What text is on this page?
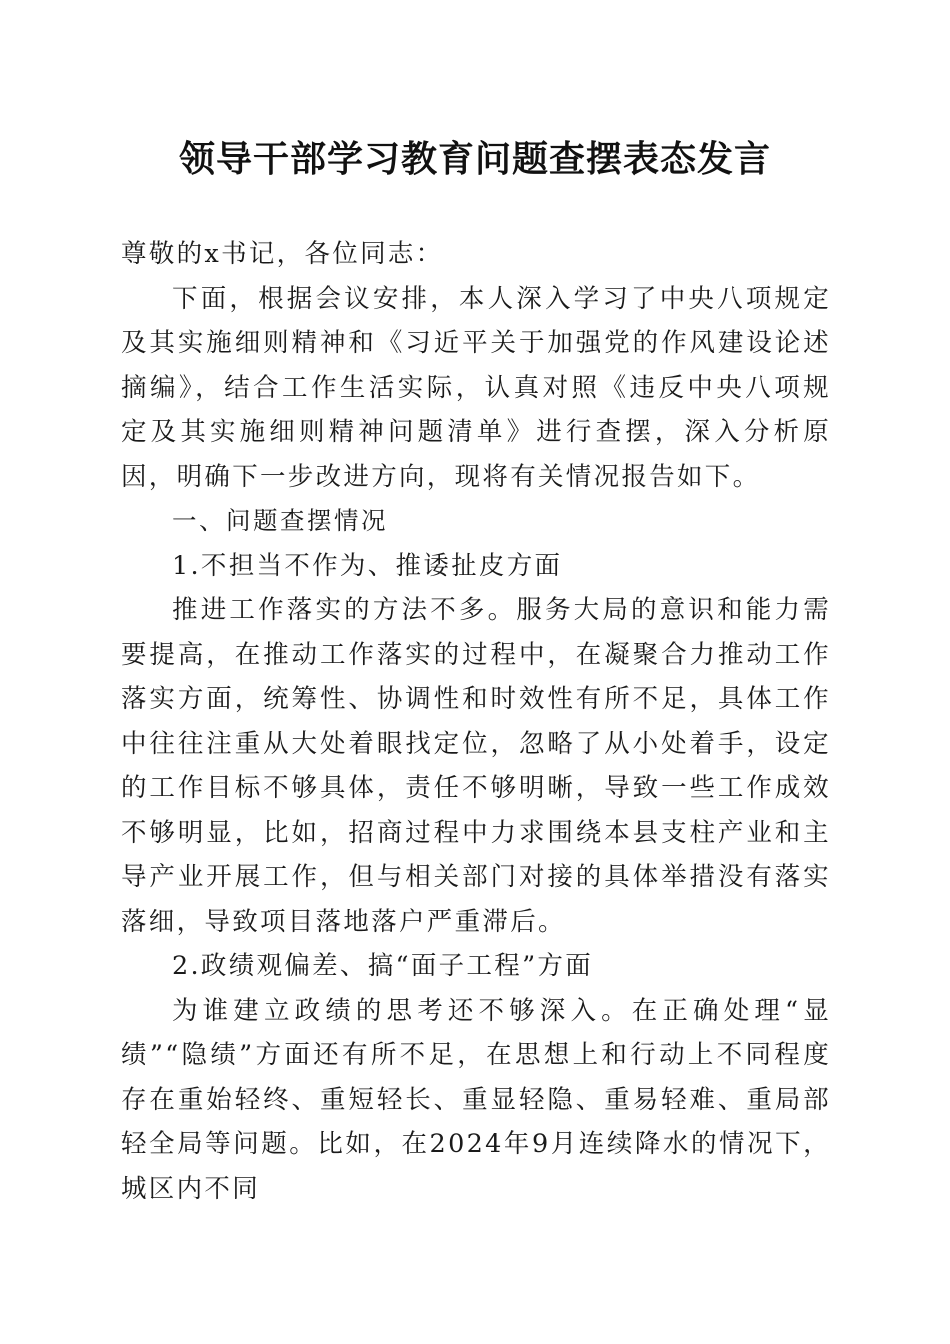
领导干部学习教育问题查摆表态发言

尊敬的x书记，各位同志：

下面，根据会议安排，本人深入学习了中央八项规定及其实施细则精神和《习近平关于加强党的作风建设论述摘编》，结合工作生活实际，认真对照《违反中央八项规定及其实施细则精神问题清单》进行查摆，深入分析原因，明确下一步改进方向，现将有关情况报告如下。

一、问题查摆情况

1.不担当不作为、推诿扯皮方面

推进工作落实的方法不多。服务大局的意识和能力需要提高，在推动工作落实的过程中，在凝聚合力推动工作落实方面，统筹性、协调性和时效性有所不足，具体工作中往往注重从大处着眼找定位，忽略了从小处着手，设定的工作目标不够具体，责任不够明晰，导致一些工作成效不够明显，比如，招商过程中力求围绕本县支柱产业和主导产业开展工作，但与相关部门对接的具体举措没有落实落细，导致项目落地落户严重滞后。

2.政绩观偏差、搞“面子工程”方面

为谁建立政绩的思考还不够深入。在正确处理“显绩”“隐绩”方面还有所不足，在思想上和行动上不同程度存在重始轻终、重短轻长、重显轻隐、重易轻难、重局部轻全局等问题。比如，在2024年9月连续降水的情况下，城区内不同
